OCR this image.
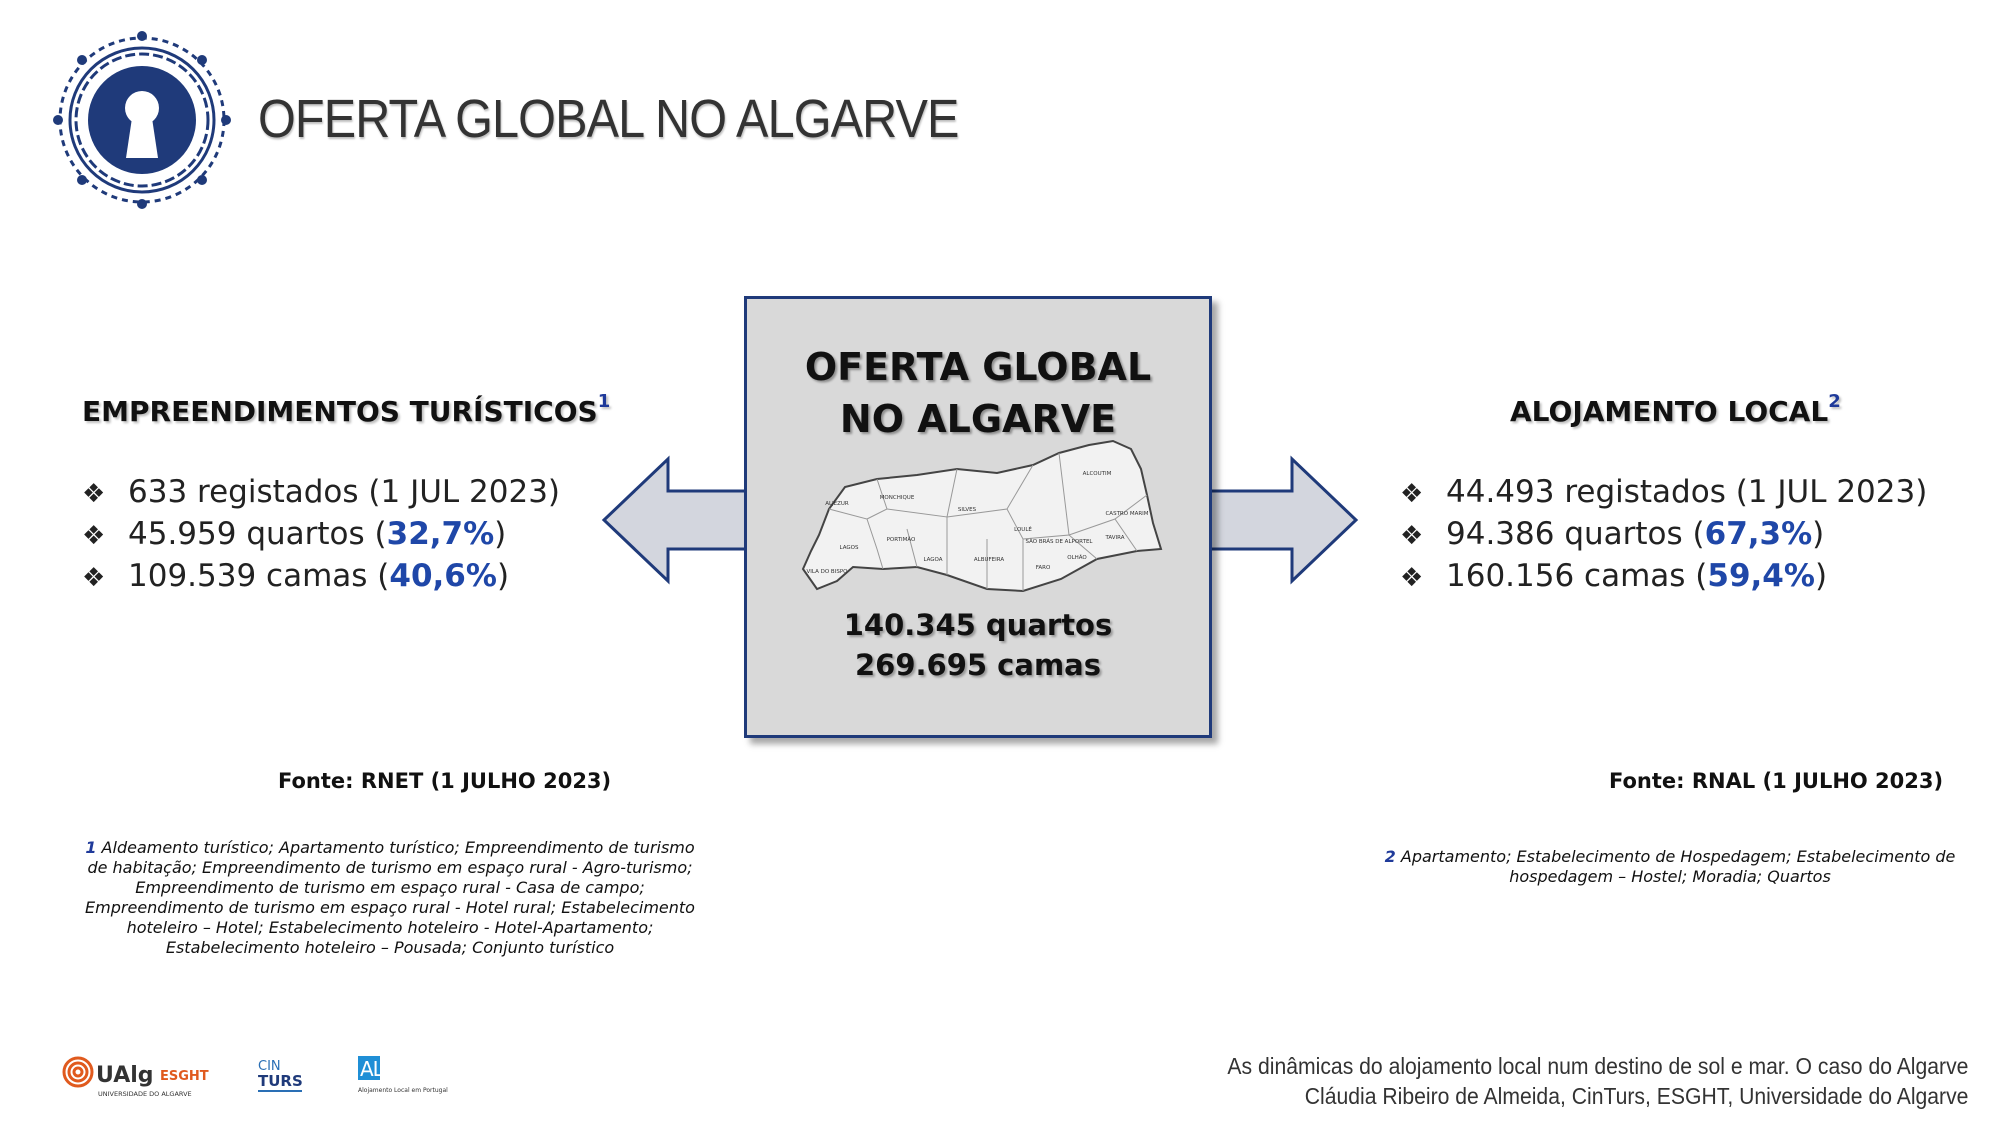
OFERTA GLOBAL NO ALGARVE
OFERTA GLOBAL
NO ALGARVE
ALJEZUR
MONCHIQUE
SILVES
LOULÉ
ALCOUTIM
CASTRO MARIM
LAGOS
PORTIMÃO
LAGOA	ALBUFEIRA
FARO
OLHÃO
TAVIRA
VILA DO BISPO
SÃO BRÁS DE ALPORTEL
140.345 quartos
269.695 camas
EMPREENDIMENTOS TURÍSTICOS$^1$
❖ 633 registados (1 JUL 2023)
❖ 45.959 quartos (32,7%)
❖ 109.539 camas (40,6%)
Fonte: RNET (1 JULHO 2023)
1 Aldeamento turístico; Apartamento turístico; Empreendimento de turismo de habitação; Empreendimento de turismo em espaço rural - Agro-turismo; Empreendimento de turismo em espaço rural - Casa de campo; Empreendimento de turismo em espaço rural - Hotel rural; Estabelecimento hoteleiro – Hotel; Estabelecimento hoteleiro - Hotel-Apartamento; Estabelecimento hoteleiro – Pousada; Conjunto turístico
ALOJAMENTO LOCAL$^2$
❖ 44.493 registados (1 JUL 2023)
❖ 94.386 quartos (67,3%)
❖ 160.156 camas (59,4%)
Fonte: RNAL (1 JULHO 2023)
2 Apartamento; Estabelecimento de Hospedagem; Estabelecimento de hospedagem – Hostel; Moradia; Quartos
UAlg ESGHT
UNIVERSIDADE DO ALGARVE
CIN
TURS	ALEP
Alojamento Local em Portugal
As dinâmicas do alojamento local num destino de sol e mar. O caso do Algarve
Cláudia Ribeiro de Almeida, CinTurs, ESGHT, Universidade do Algarve
